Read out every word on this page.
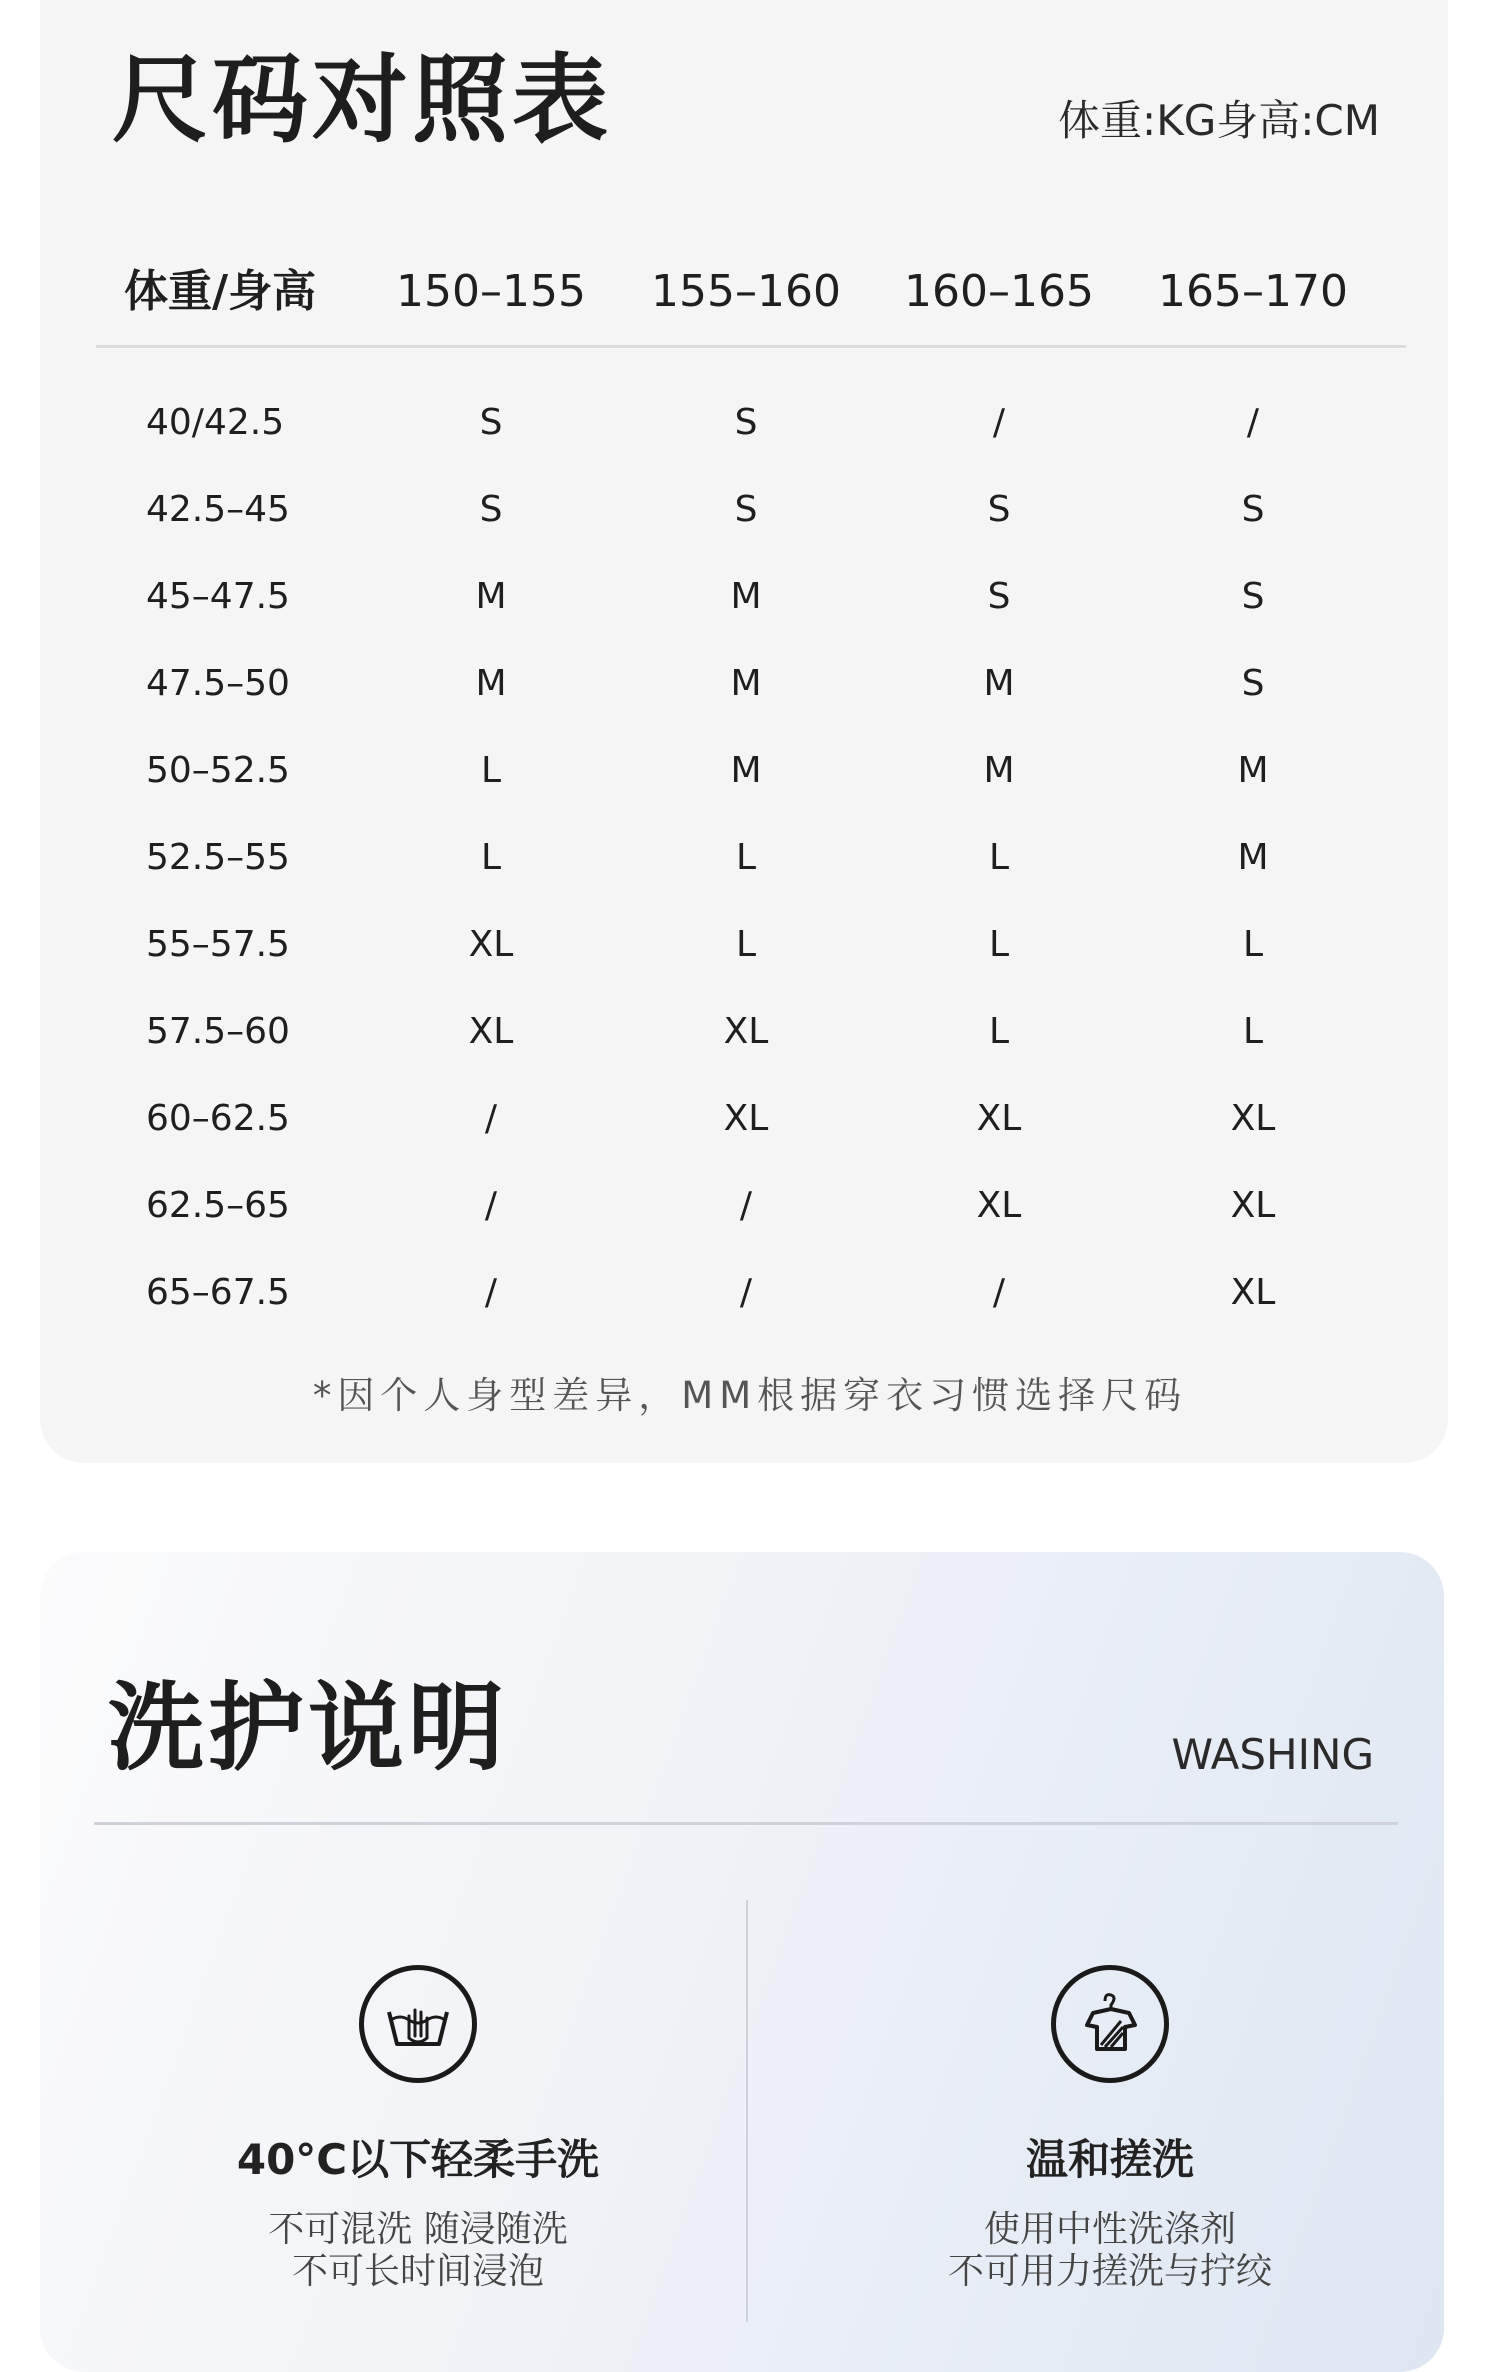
尺码对照表	体重:KG身高:CM
体重/身高	150–155 155–160 160–165 165–170
40/42.5	S	S	/	/
42.5–45	S	S	S	S
45–47.5	M	M	S	S
47.5–50	M	M	M	S
50–52.5	L	M	M	M
52.5–55	L	L	L	M
55–57.5	XL	L	L	L
57.5–60	XL	XL	L	L
60–62.5	/	XL	XL	XL
62.5–65	/	/	XL	XL
65–67.5	/	/	/	XL
*因个人身型差异，MM根据穿衣习惯选择尺码
洗护说明	WASHING
40°C以下轻柔手洗
不可混洗 随浸随洗
不可长时间浸泡
温和搓洗
使用中性洗涤剂
不可用力搓洗与拧绞
